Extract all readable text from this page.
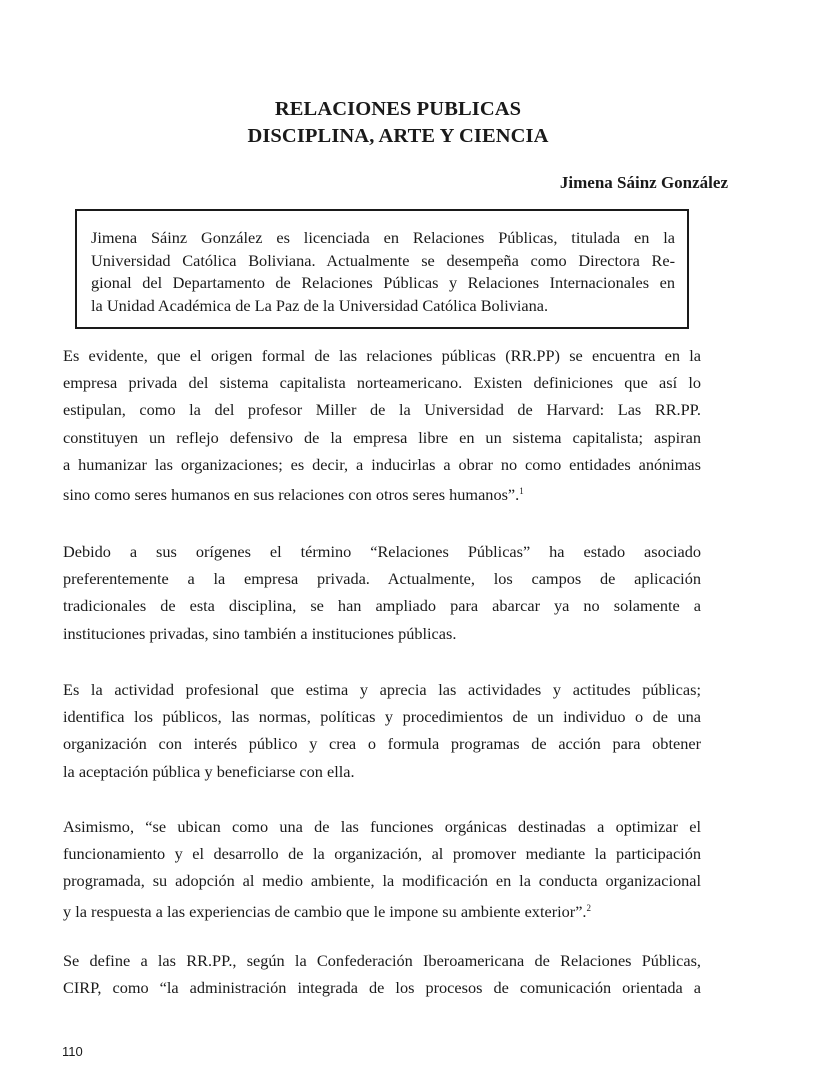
RELACIONES PUBLICAS
DISCIPLINA, ARTE Y CIENCIA
Jimena Sáinz González
Jimena Sáinz González es licenciada en Relaciones Públicas, titulada en la
Universidad Católica Boliviana. Actualmente se desempeña como Directora Re-
gional del Departamento de Relaciones Públicas y Relaciones Internacionales en
la Unidad Académica de La Paz de la Universidad Católica Boliviana.
Es evidente, que el origen formal de las relaciones públicas (RR.PP) se encuentra en la
empresa privada del sistema capitalista norteamericano. Existen definiciones que así lo
estipulan, como la del profesor Miller de la Universidad de Harvard: Las RR.PP.
constituyen un reflejo defensivo de la empresa libre en un sistema capitalista; aspiran
a humanizar las organizaciones; es decir, a inducirlas a obrar no como entidades anónimas
sino como seres humanos en sus relaciones con otros seres humanos”.$^1$
Debido a sus orígenes el término “Relaciones Públicas” ha estado asociado
preferentemente a la empresa privada. Actualmente, los campos de aplicación
tradicionales de esta disciplina, se han ampliado para abarcar ya no solamente a
instituciones privadas, sino también a instituciones públicas.
Es la actividad profesional que estima y aprecia las actividades y actitudes públicas;
identifica los públicos, las normas, políticas y procedimientos de un individuo o de una
organización con interés público y crea o formula programas de acción para obtener
la aceptación pública y beneficiarse con ella.
Asimismo, “se ubican como una de las funciones orgánicas destinadas a optimizar el
funcionamiento y el desarrollo de la organización, al promover mediante la participación
programada, su adopción al medio ambiente, la modificación en la conducta organizacional
y la respuesta a las experiencias de cambio que le impone su ambiente exterior”.$^2$
Se define a las RR.PP., según la Confederación Iberoamericana de Relaciones Públicas,
CIRP, como “la administración integrada de los procesos de comunicación orientada a
110
